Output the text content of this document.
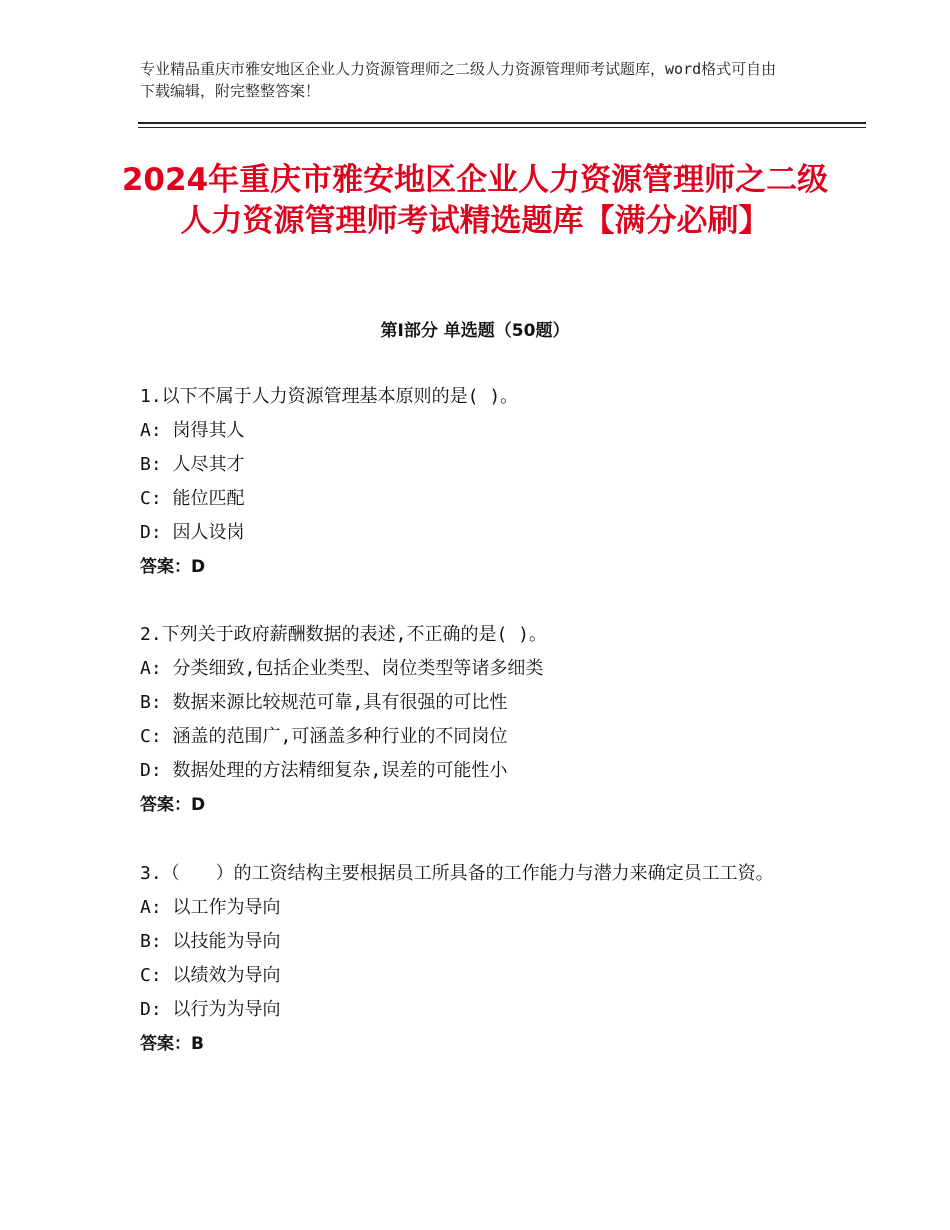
专业精品重庆市雅安地区企业人力资源管理师之二级人力资源管理师考试题库，word格式可自由下载编辑，附完整整答案！
2024年重庆市雅安地区企业人力资源管理师之二级人力资源管理师考试精选题库【满分必刷】
第Ⅰ部分 单选题（50题）
1.以下不属于人力资源管理基本原则的是( )。
A: 岗得其人
B: 人尽其才
C: 能位匹配
D: 因人设岗
答案：D
2.下列关于政府薪酬数据的表述,不正确的是( )。
A: 分类细致,包括企业类型、岗位类型等诸多细类
B: 数据来源比较规范可靠,具有很强的可比性
C: 涵盖的范围广,可涵盖多种行业的不同岗位
D: 数据处理的方法精细复杂,误差的可能性小
答案：D
3.（　　）的工资结构主要根据员工所具备的工作能力与潜力来确定员工工资。
A: 以工作为导向
B: 以技能为导向
C: 以绩效为导向
D: 以行为为导向
答案：B
